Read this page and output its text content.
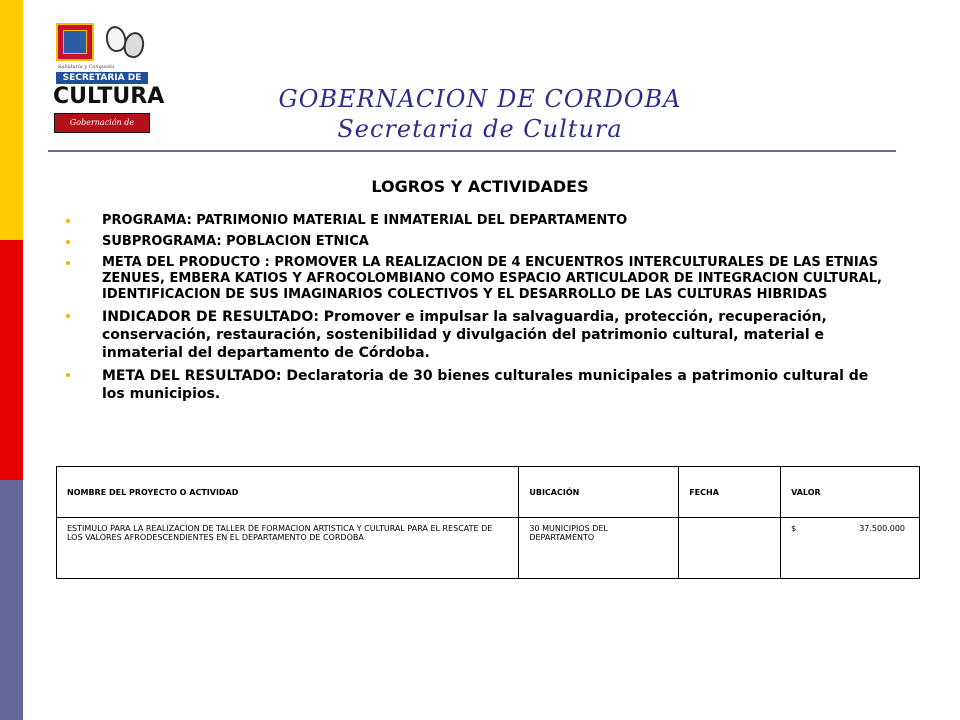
Sabiduría y Conquista
SECRETARIA DE
CULTURA
Gobernación de Córdoba
GOBERNACION DE CORDOBA
Secretaria de Cultura
LOGROS Y ACTIVIDADES
PROGRAMA: PATRIMONIO MATERIAL E INMATERIAL DEL DEPARTAMENTO
SUBPROGRAMA: POBLACION ETNICA
META DEL PRODUCTO : PROMOVER LA REALIZACION DE 4 ENCUENTROS INTERCULTURALES DE LAS ETNIAS ZENUES, EMBERA KATIOS Y AFROCOLOMBIANO COMO ESPACIO ARTICULADOR DE INTEGRACION CULTURAL, IDENTIFICACION DE SUS IMAGINARIOS COLECTIVOS Y EL DESARROLLO DE LAS CULTURAS HIBRIDAS
INDICADOR DE RESULTADO: Promover e impulsar la salvaguardia, protección, recuperación, conservación, restauración, sostenibilidad y divulgación del patrimonio cultural, material e inmaterial del departamento de Córdoba.
META DEL RESULTADO: Declaratoria de 30 bienes culturales municipales a patrimonio cultural de los municipios.
NOMBRE DEL PROYECTO O ACTIVIDAD	UBICACIÓN	FECHA	VALOR
ESTIMULO PARA LA REALIZACION DE TALLER DE FORMACION ARTISTICA Y CULTURAL PARA EL RESCATE DE LOS VALORES AFRODESCENDIENTES EN EL DEPARTAMENTO DE CORDOBA	30 MUNICIPIOS DEL DEPARTAMENTO		$ 37.500.000
